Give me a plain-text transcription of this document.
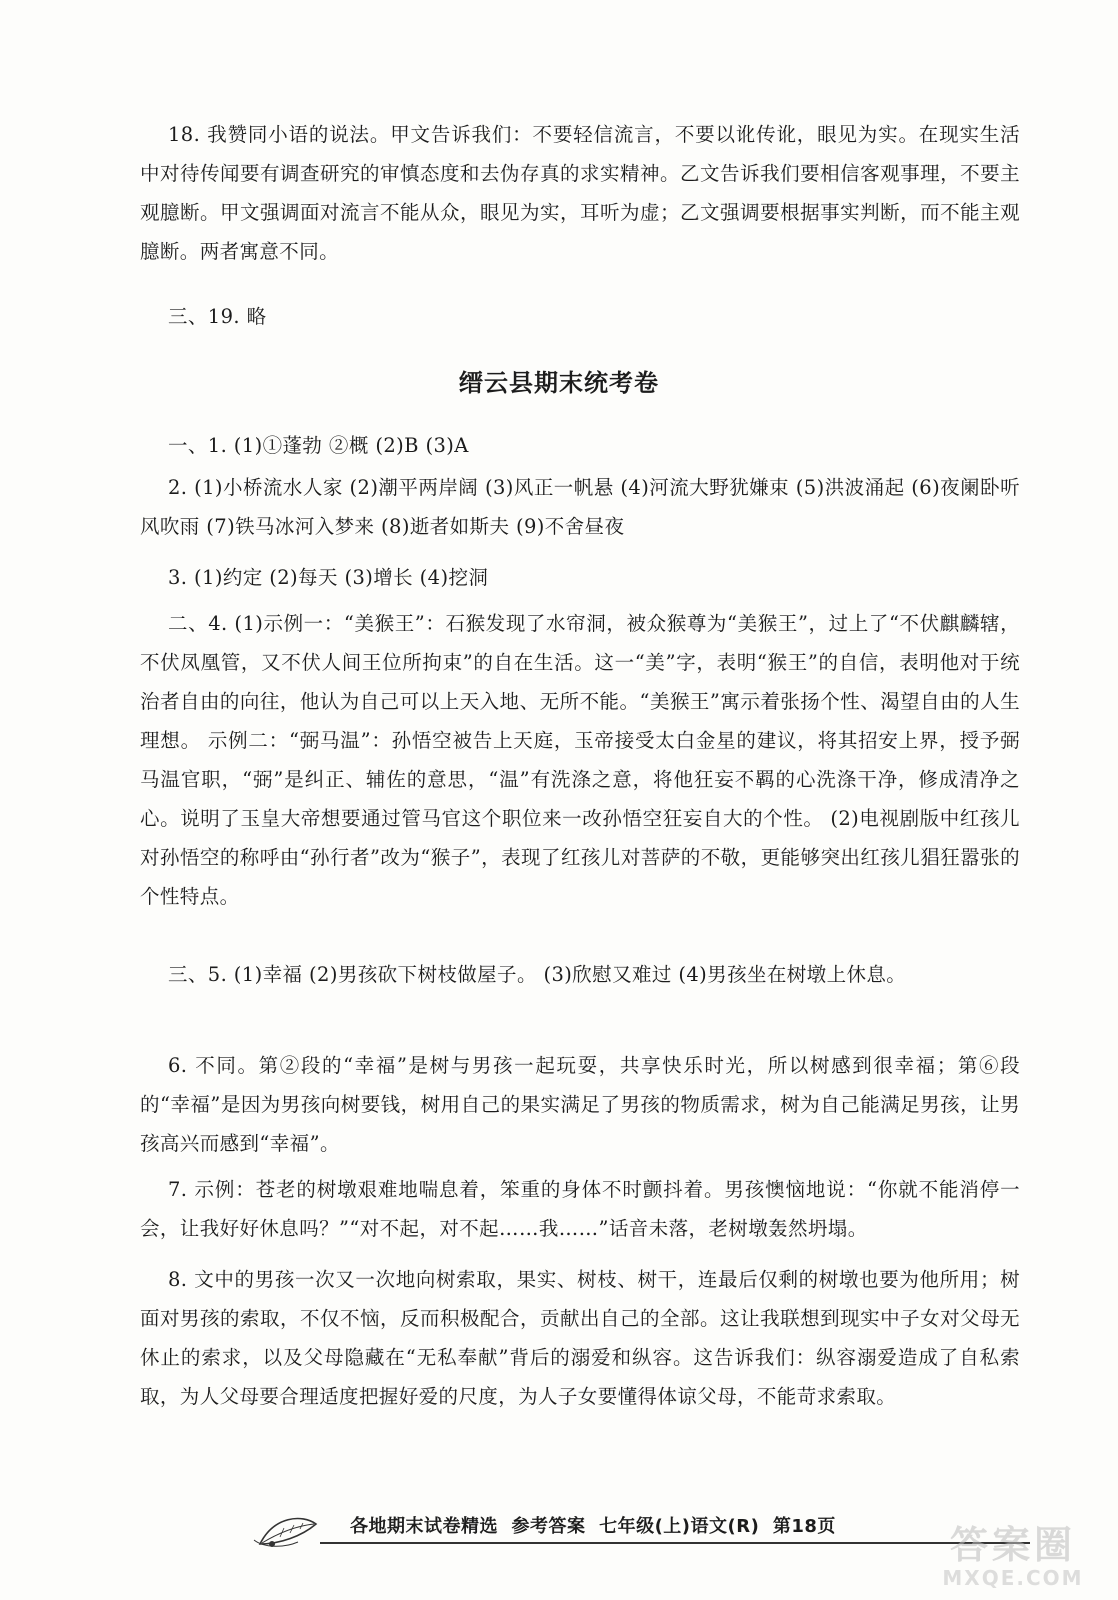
18. 我赞同小语的说法。甲文告诉我们：不要轻信流言，不要以讹传讹，眼见为实。在现实生活中对待传闻要有调查研究的审慎态度和去伪存真的求实精神。乙文告诉我们要相信客观事理，不要主观臆断。甲文强调面对流言不能从众，眼见为实，耳听为虚；乙文强调要根据事实判断，而不能主观臆断。两者寓意不同。

三、19. 略

缙云县期末统考卷

一、1. (1)①蓬勃 ②概 (2)B (3)A

2. (1)小桥流水人家 (2)潮平两岸阔 (3)风正一帆悬 (4)河流大野犹嫌束 (5)洪波涌起 (6)夜阑卧听风吹雨 (7)铁马冰河入梦来 (8)逝者如斯夫 (9)不舍昼夜

3. (1)约定 (2)每天 (3)增长 (4)挖洞

二、4. (1)示例一：“美猴王”：石猴发现了水帘洞，被众猴尊为“美猴王”，过上了“不伏麒麟辖，不伏凤凰管，又不伏人间王位所拘束”的自在生活。这一“美”字，表明“猴王”的自信，表明他对于统治者自由的向往，他认为自己可以上天入地、无所不能。“美猴王”寓示着张扬个性、渴望自由的人生理想。 示例二：“弼马温”：孙悟空被告上天庭，玉帝接受太白金星的建议，将其招安上界，授予弼马温官职，“弼”是纠正、辅佐的意思，“温”有洗涤之意，将他狂妄不羁的心洗涤干净，修成清净之心。说明了玉皇大帝想要通过管马官这个职位来一改孙悟空狂妄自大的个性。 (2)电视剧版中红孩儿对孙悟空的称呼由“孙行者”改为“猴子”，表现了红孩儿对菩萨的不敬，更能够突出红孩儿猖狂嚣张的个性特点。

三、5. (1)幸福 (2)男孩砍下树枝做屋子。 (3)欣慰又难过 (4)男孩坐在树墩上休息。

6. 不同。第②段的“幸福”是树与男孩一起玩耍，共享快乐时光，所以树感到很幸福；第⑥段的“幸福”是因为男孩向树要钱，树用自己的果实满足了男孩的物质需求，树为自己能满足男孩，让男孩高兴而感到“幸福”。

7. 示例：苍老的树墩艰难地喘息着，笨重的身体不时颤抖着。男孩懊恼地说：“你就不能消停一会，让我好好休息吗？”“对不起，对不起……我……”话音未落，老树墩轰然坍塌。

8. 文中的男孩一次又一次地向树索取，果实、树枝、树干，连最后仅剩的树墩也要为他所用；树面对男孩的索取，不仅不恼，反而积极配合，贡献出自己的全部。这让我联想到现实中子女对父母无休止的索求，以及父母隐藏在“无私奉献”背后的溺爱和纵容。这告诉我们：纵容溺爱造成了自私索取，为人父母要合理适度把握好爱的尺度，为人子女要懂得体谅父母，不能苛求索取。

各地期末试卷精选  参考答案  七年级(上)语文(R)  第18页	答案圈
MXQE.COM
